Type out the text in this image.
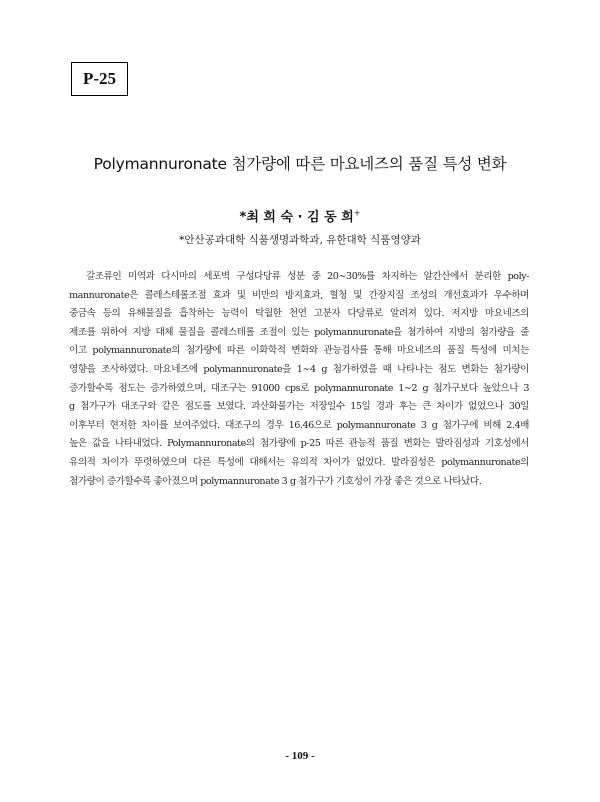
P-25
Polymannuronate 첨가량에 따른 마요네즈의 품질 특성 변화
*최 희 숙 · 김 동 희+
*안산공과대학 식품생명과학과, 유한대학 식품영양과
갈조류인 미역과 다시마의 세포벽 구성다당류 성분 중 20∼30%를 차지하는 알간산에서 분리한 poly-
mannuronate은 콜레스테롤조절 효과 및 비만의 방지효과, 혈청 및 간장지질 조성의 개선효과가 우수하며
중금속 등의 유해물질을 흡착하는 능력이 탁월한 천연 고분자 다당류로 알려져 있다. 저지방 마요네즈의
제조를 위하여 지방 대체 물질을 콜레스테롤 조절이 있는 polymannuronate을 첨가하여 지방의 첨가량을 줄
이고 polymannuronate의 첨가량에 따른 이화학적 변화와 관능검사를 통해 마요네즈의 품질 특성에 미치는
영향을 조사하였다. 마요네즈에 polymannuronate을 1∼4 g 첨가하였을 때 나타나는 점도 변화는 첨가량이
증가할수록 점도는 증가하였으며, 대조구는 91000 cps로 polymannuronate 1∼2 g 첨가구보다 높았으나 3
g 첨가구가 대조구와 같은 점도를 보였다. 과산화물가는 저장일수 15일 경과 후는 큰 차이가 없었으나 30일
이후부터 현저한 차이를 보여주었다. 대조구의 경우 16.46으로 polymannuronate 3 g 첨가구에 비해 2.4배
높은 값을 나타내었다. Polymannuronate의 첨가량에 p-25 따른 관능적 품질 변화는 발라짐성과 기호성에서
유의적 차이가 뚜렷하였으며 다른 특성에 대해서는 유의적 차이가 없었다. 발라짐성은 polymannuronate의
첨가량이 증가할수록 좋아졌으며 polymannuronate 3 g 첨가구가 기호성이 가장 좋은 것으로 나타났다.
- 109 -
